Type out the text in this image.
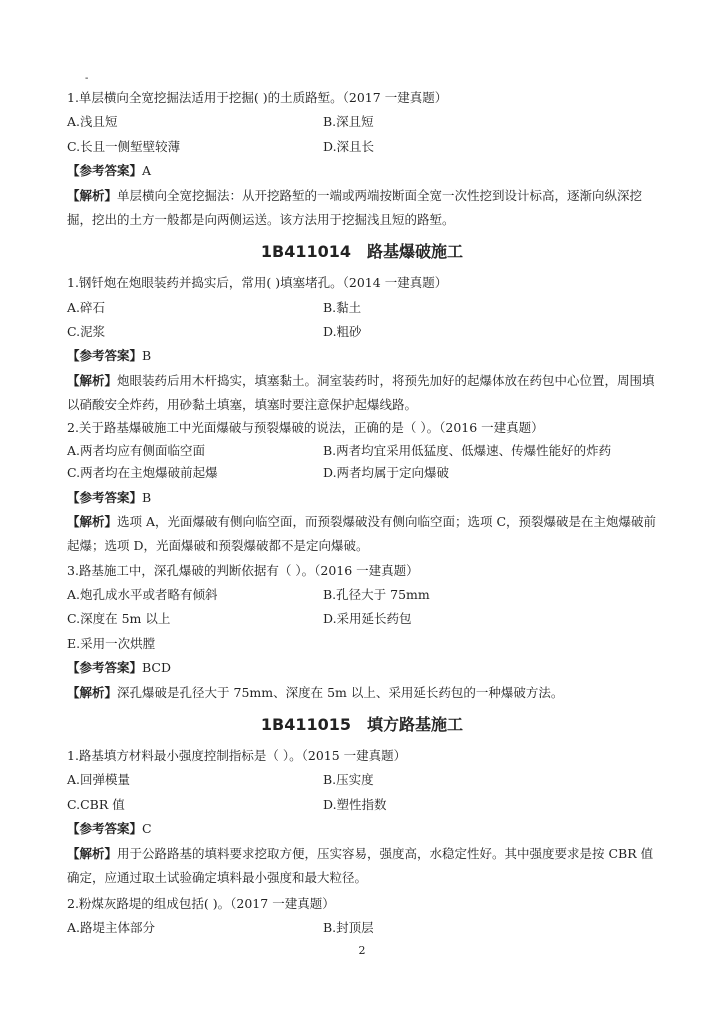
-
1.单层横向全宽挖掘法适用于挖掘( )的土质路堑。（2017 一建真题）
A.浅且短	B.深且短
C.长且一侧堑壁较薄	D.深且长
【参考答案】A
【解析】单层横向全宽挖掘法：从开挖路堑的一端或两端按断面全宽一次性挖到设计标高，逐渐向纵深挖掘，挖出的土方一般都是向两侧运送。该方法用于挖掘浅且短的路堑。
1B411014　路基爆破施工
1.钢钎炮在炮眼装药并捣实后，常用( )填塞堵孔。（2014 一建真题）
A.碎石	B.黏土
C.泥浆	D.粗砂
【参考答案】B
【解析】炮眼装药后用木杆捣实，填塞黏土。洞室装药时，将预先加好的起爆体放在药包中心位置，周围填以硝酸安全炸药，用砂黏土填塞，填塞时要注意保护起爆线路。
2.关于路基爆破施工中光面爆破与预裂爆破的说法，正确的是（ ）。（2016 一建真题）
A.两者均应有侧面临空面	B.两者均宜采用低猛度、低爆速、传爆性能好的炸药
C.两者均在主炮爆破前起爆	D.两者均属于定向爆破
【参考答案】B
【解析】选项 A，光面爆破有侧向临空面，而预裂爆破没有侧向临空面；选项 C，预裂爆破是在主炮爆破前起爆；选项 D，光面爆破和预裂爆破都不是定向爆破。
3.路基施工中，深孔爆破的判断依据有（ ）。（2016 一建真题）
A.炮孔成水平或者略有倾斜	B.孔径大于 75mm
C.深度在 5m 以上	D.采用延长药包
E.采用一次烘膛
【参考答案】BCD
【解析】深孔爆破是孔径大于 75mm、深度在 5m 以上、采用延长药包的一种爆破方法。
1B411015　填方路基施工
1.路基填方材料最小强度控制指标是（ ）。（2015 一建真题）
A.回弹模量	B.压实度
C.CBR 值	D.塑性指数
【参考答案】C
【解析】用于公路路基的填料要求挖取方便，压实容易，强度高，水稳定性好。其中强度要求是按 CBR 值确定，应通过取土试验确定填料最小强度和最大粒径。
2.粉煤灰路堤的组成包括( )。（2017 一建真题）
A.路堤主体部分	B.封顶层
2
